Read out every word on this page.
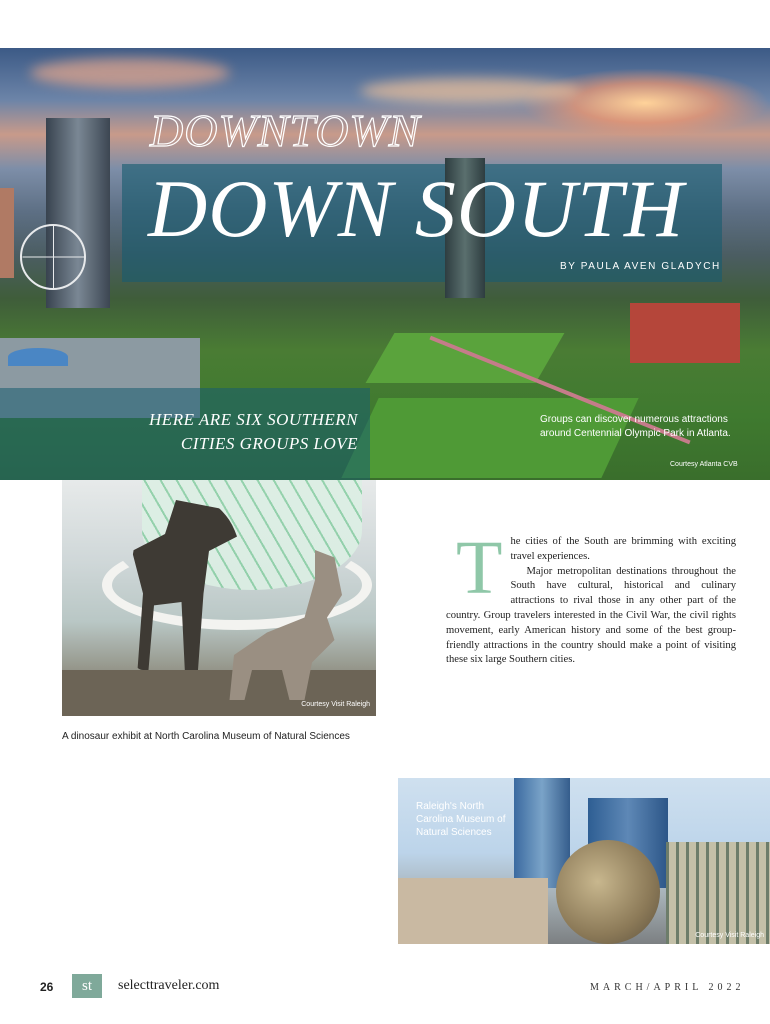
DOWNTOWN
DOWN SOUTH
BY PAULA AVEN GLADYCH
HERE ARE SIX SOUTHERN CITIES GROUPS LOVE
Groups can discover numerous attractions around Centennial Olympic Park in Atlanta.
Courtesy Atlanta CVB
Courtesy Visit Raleigh
A dinosaur exhibit at North Carolina Museum of Natural Sciences
T he cities of the South are brimming with exciting travel experiences.

Major metropolitan destinations throughout the South have cultural, historical and culinary attractions to rival those in any other part of the country. Group travelers interested in the Civil War, the civil rights movement, early American history and some of the best group-friendly attractions in the country should make a point of visiting these six large Southern cities.

Raleigh's North Carolina Museum of Natural Sciences
Courtesy Visit Raleigh
26	st	selecttraveler.com	MARCH/APRIL 2022
